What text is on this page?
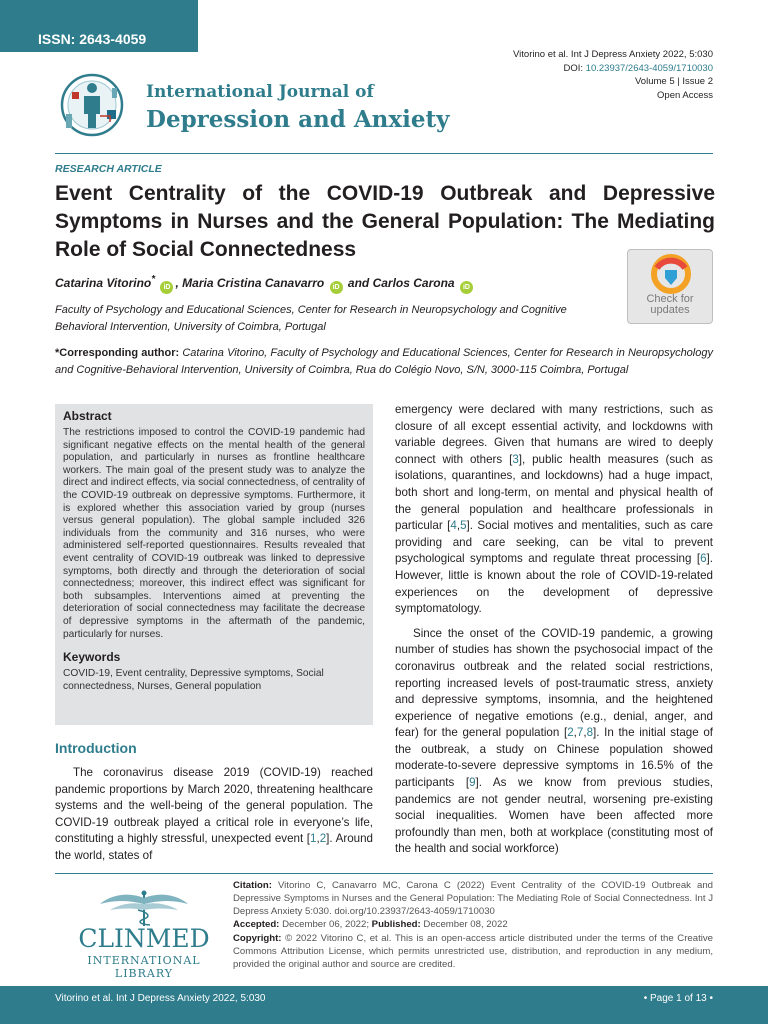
ISSN: 2643-4059
Vitorino et al. Int J Depress Anxiety 2022, 5:030
DOI: 10.23937/2643-4059/1710030
Volume 5 | Issue 2
Open Access
International Journal of
Depression and Anxiety
RESEARCH ARTICLE
Event Centrality of the COVID-19 Outbreak and Depressive Symptoms in Nurses and the General Population: The Mediating Role of Social Connectedness
Catarina Vitorino* iD , Maria Cristina Canavarro iD and Carlos Carona iD
Faculty of Psychology and Educational Sciences, Center for Research in Neuropsychology and Cognitive Behavioral Intervention, University of Coimbra, Portugal
Check for
updates
*Corresponding author: Catarina Vitorino, Faculty of Psychology and Educational Sciences, Center for Research in Neuropsychology and Cognitive-Behavioral Intervention, University of Coimbra, Rua do Colégio Novo, S/N, 3000-115 Coimbra, Portugal
Abstract
The restrictions imposed to control the COVID-19 pandemic had significant negative effects on the mental health of the general population, and particularly in nurses as frontline healthcare workers. The main goal of the present study was to analyze the direct and indirect effects, via social connectedness, of centrality of the COVID-19 outbreak on depressive symptoms. Furthermore, it is explored whether this association varied by group (nurses versus general population). The global sample included 326 individuals from the community and 316 nurses, who were administered self-reported questionnaires. Results revealed that event centrality of COVID-19 outbreak was linked to depressive symptoms, both directly and through the deterioration of social connectedness; moreover, this indirect effect was significant for both subsamples. Interventions aimed at preventing the deterioration of social connectedness may facilitate the decrease of depressive symptoms in the aftermath of the pandemic, particularly for nurses.
Keywords
COVID-19, Event centrality, Depressive symptoms, Social connectedness, Nurses, General population
Introduction

The coronavirus disease 2019 (COVID-19) reached pandemic proportions by March 2020, threatening healthcare systems and the well-being of the general population. The COVID-19 outbreak played a critical role in everyone’s life, constituting a highly stressful, unexpected event [1,2]. Around the world, states of

emergency were declared with many restrictions, such as closure of all except essential activity, and lockdowns with variable degrees. Given that humans are wired to deeply connect with others [3], public health measures (such as isolations, quarantines, and lockdowns) had a huge impact, both short and long-term, on mental and physical health of the general population and healthcare professionals in particular [4,5]. Social motives and mentalities, such as care providing and care seeking, can be vital to prevent psychological symptoms and regulate threat processing [6]. However, little is known about the role of COVID-19-related experiences on the development of depressive symptomatology.

Since the onset of the COVID-19 pandemic, a growing number of studies has shown the psychosocial impact of the coronavirus outbreak and the related social restrictions, reporting increased levels of post-traumatic stress, anxiety and depressive symptoms, insomnia, and the heightened experience of negative emotions (e.g., denial, anger, and fear) for the general population [2,7,8]. In the initial stage of the outbreak, a study on Chinese population showed moderate-to-severe depressive symptoms in 16.5% of the participants [9]. As we know from previous studies, pandemics are not gender neutral, worsening pre-existing social inequalities. Women have been affected more profoundly than men, both at workplace (constituting most of the health and social workforce)

CLINMED
INTERNATIONAL LIBRARY

Citation: Vitorino C, Canavarro MC, Carona C (2022) Event Centrality of the COVID-19 Outbreak and Depressive Symptoms in Nurses and the General Population: The Mediating Role of Social Connectedness. Int J Depress Anxiety 5:030. doi.org/10.23937/2643-4059/1710030

Accepted: December 06, 2022; Published: December 08, 2022

Copyright: © 2022 Vitorino C, et al. This is an open-access article distributed under the terms of the Creative Commons Attribution License, which permits unrestricted use, distribution, and reproduction in any medium, provided the original author and source are credited.

Vitorino et al. Int J Depress Anxiety 2022, 5:030	• Page 1 of 13 •
